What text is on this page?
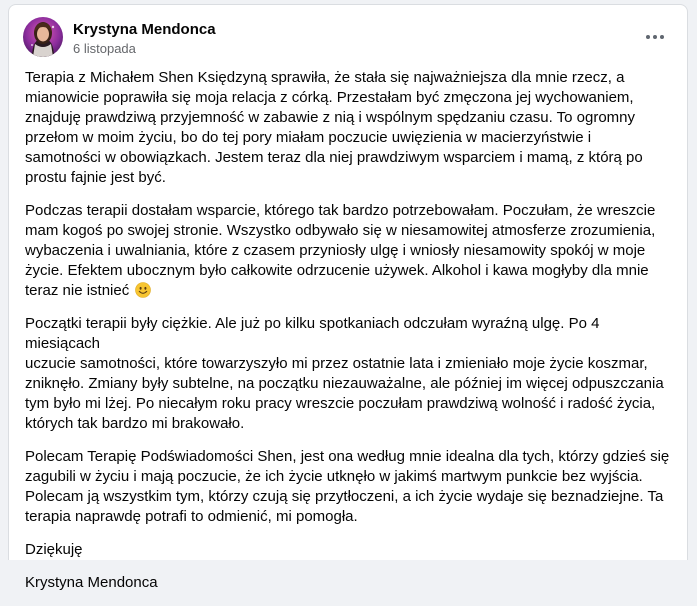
Krystyna Mendonca
6 listopada

Terapia z Michałem Shen Księdzyną sprawiła, że stała się najważniejsza dla mnie rzecz, a
mianowicie poprawiła się moja relacja z córką. Przestałam być zmęczona jej wychowaniem,
znajduję prawdziwą przyjemność w zabawie z nią i wspólnym spędzaniu czasu. To ogromny
przełom w moim życiu, bo do tej pory miałam poczucie uwięzienia w macierzyństwie i
samotności w obowiązkach. Jestem teraz dla niej prawdziwym wsparciem i mamą, z którą po
prostu fajnie jest być.

Podczas terapii dostałam wsparcie, którego tak bardzo potrzebowałam. Poczułam, że wreszcie
mam kogoś po swojej stronie. Wszystko odbywało się w niesamowitej atmosferze zrozumienia,
wybaczenia i uwalniania, które z czasem przyniosły ulgę i wniosły niesamowity spokój w moje
życie. Efektem ubocznym było całkowite odrzucenie używek. Alkohol i kawa mogłyby dla mnie
teraz nie istnieć

Początki terapii były ciężkie. Ale już po kilku spotkaniach odczułam wyraźną ulgę. Po 4 miesiącach
uczucie samotności, które towarzyszyło mi przez ostatnie lata i zmieniało moje życie koszmar,
zniknęło. Zmiany były subtelne, na początku niezauważalne, ale później im więcej odpuszczania
tym było mi lżej. Po niecałym roku pracy wreszcie poczułam prawdziwą wolność i radość życia,
których tak bardzo mi brakowało.

Polecam Terapię Podświadomości Shen, jest ona według mnie idealna dla tych, którzy gdzieś się
zagubili w życiu i mają poczucie, że ich życie utknęło w jakimś martwym punkcie bez wyjścia.
Polecam ją wszystkim tym, którzy czują się przytłoczeni, a ich życie wydaje się beznadziejne. Ta
terapia naprawdę potrafi to odmienić, mi pomogła.

Dziękuję

Krystyna Mendonca
